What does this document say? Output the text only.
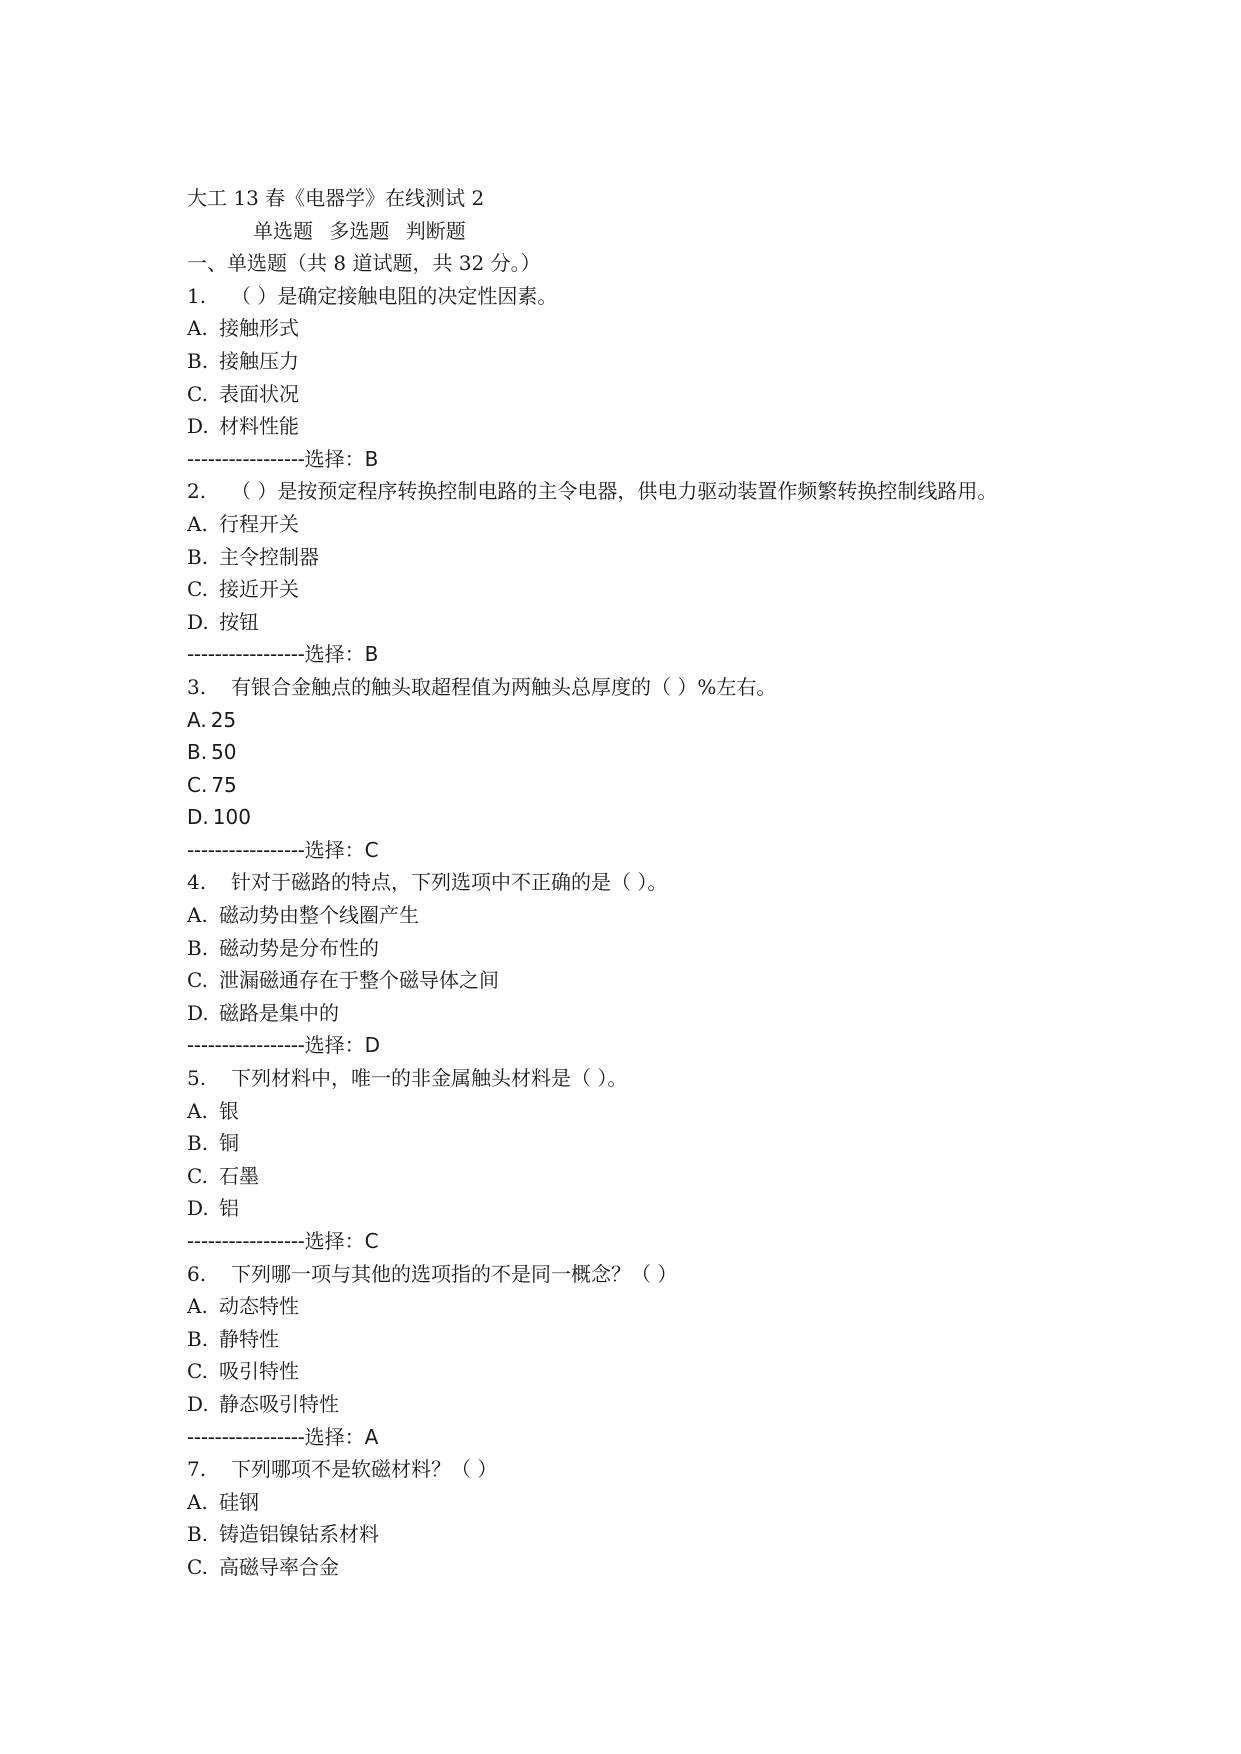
大工 13 春《电器学》在线测试 2
单选题 多选题 判断题
一、单选题（共 8 道试题，共 32 分。）
1. （ ）是确定接触电阻的决定性因素。
A. 接触形式
B. 接触压力
C. 表面状况
D. 材料性能
-----------------选择：B
2. （ ）是按预定程序转换控制电路的主令电器，供电力驱动装置作频繁转换控制线路用。
A. 行程开关
B. 主令控制器
C. 接近开关
D. 按钮
-----------------选择：B
3. 有银合金触点的触头取超程值为两触头总厚度的（ ）%左右。
A. 25
B. 50
C. 75
D. 100
-----------------选择：C
4. 针对于磁路的特点，下列选项中不正确的是（ ）。
A. 磁动势由整个线圈产生
B. 磁动势是分布性的
C. 泄漏磁通存在于整个磁导体之间
D. 磁路是集中的
-----------------选择：D
5. 下列材料中，唯一的非金属触头材料是（ ）。
A. 银
B. 铜
C. 石墨
D. 铝
-----------------选择：C
6. 下列哪一项与其他的选项指的不是同一概念？（ ）
A. 动态特性
B. 静特性
C. 吸引特性
D. 静态吸引特性
-----------------选择：A
7. 下列哪项不是软磁材料？（ ）
A. 硅钢
B. 铸造铝镍钴系材料
C. 高磁导率合金
